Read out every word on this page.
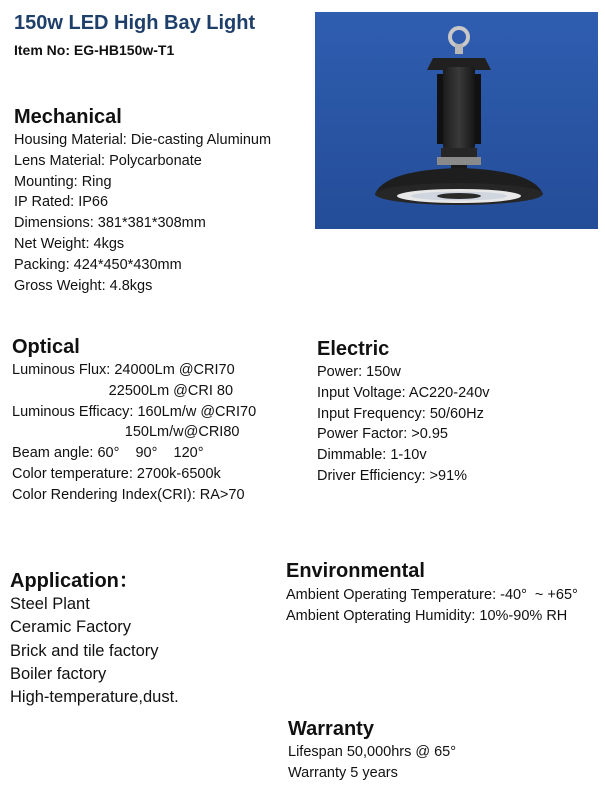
150w LED High Bay Light
Item No: EG-HB150w-T1
Mechanical
Housing Material: Die-casting Aluminum
Lens Material: Polycarbonate
Mounting: Ring
IP Rated: IP66
Dimensions: 381*381*308mm
Net Weight: 4kgs
Packing: 424*450*430mm
Gross Weight: 4.8kgs
Optical
Luminous Flux: 24000Lm @CRI70
22500Lm @CRI 80
Luminous Efficacy: 160Lm/w @CRI70
150Lm/w@CRI80
Beam angle: 60°    90°    120°
Color temperature: 2700k-6500k
Color Rendering Index(CRI): RA>70
Electric
Power: 150w
Input Voltage: AC220-240v
Input Frequency: 50/60Hz
Power Factor: >0.95
Dimmable: 1-10v
Driver Efficiency: >91%
Application：
Steel Plant
Ceramic Factory
Brick and tile factory
Boiler factory
High-temperature,dust.
Environmental
Ambient Operating Temperature: -40°  ~ +65°
Ambient Opterating Humidity: 10%-90% RH
Warranty
Lifespan 50,000hrs @ 65°
Warranty 5 years
